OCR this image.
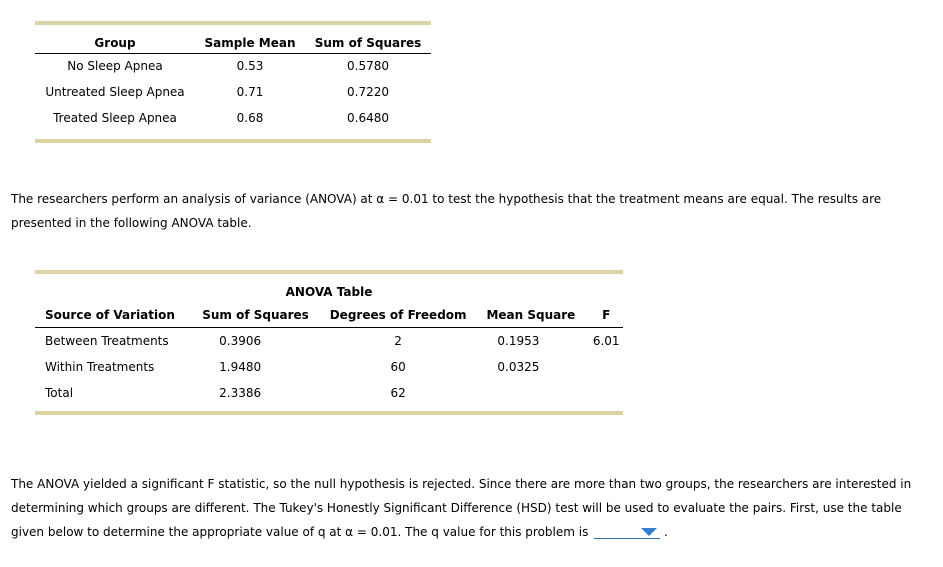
Group	Sample Mean	Sum of Squares
No Sleep Apnea	0.53	0.5780
Untreated Sleep Apnea	0.71	0.7220
Treated Sleep Apnea	0.68	0.6480

The researchers perform an analysis of variance (ANOVA) at α = 0.01 to test the hypothesis that the treatment means are equal. The results are presented in the following ANOVA table.

ANOVA Table				
Source of Variation	Sum of Squares	Degrees of Freedom	Mean Square	F
Between Treatments	0.3906	2	0.1953	6.01
Within Treatments	1.9480	60	0.0325	
Total	2.3386	62		

The ANOVA yielded a significant F statistic, so the null hypothesis is rejected. Since there are more than two groups, the researchers are interested in determining which groups are different. The Tukey's Honestly Significant Difference (HSD) test will be used to evaluate the pairs. First, use the table given below to determine the appropriate value of q at α = 0.01. The q value for this problem is	.
